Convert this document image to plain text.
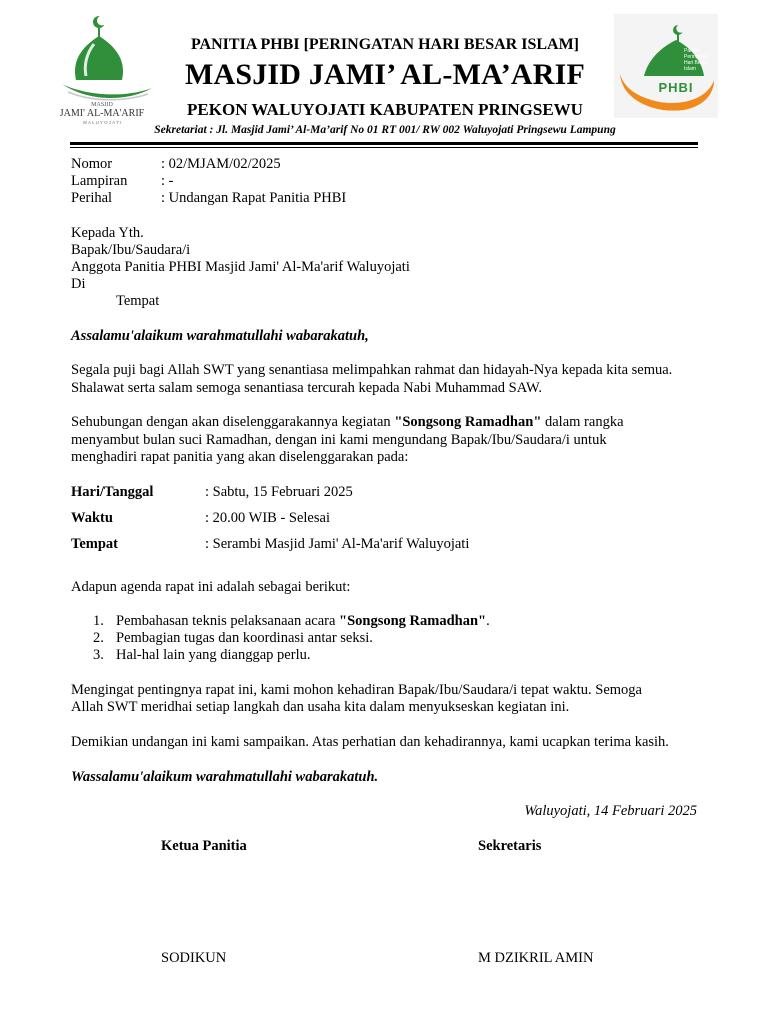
MASJID
JAMI' AL-MA'ARIF
W A L U Y O J A T I
Panitia
Peringatan
Hari Besar
Islam
PHBI
PANITIA PHBI [PERINGATAN HARI BESAR ISLAM]
MASJID JAMI’ AL-MA’ARIF
PEKON WALUYOJATI KABUPATEN PRINGSEWU
Sekretariat : Jl. Masjid Jami’ Al-Ma’arif No 01 RT 001/ RW 002 Waluyojati Pringsewu Lampung
Nomor	: 02/MJAM/02/2025
Lampiran : -
Perihal	: Undangan Rapat Panitia PHBI
Kepada Yth.
Bapak/Ibu/Saudara/i
Anggota Panitia PHBI Masjid Jami' Al-Ma'arif Waluyojati
Di
Tempat
Assalamu'alaikum warahmatullahi wabarakatuh,
Segala puji bagi Allah SWT yang senantiasa melimpahkan rahmat dan hidayah-Nya kepada kita semua.
Shalawat serta salam semoga senantiasa tercurah kepada Nabi Muhammad SAW.
Sehubungan dengan akan diselenggarakannya kegiatan "Songsong Ramadhan" dalam rangka
menyambut bulan suci Ramadhan, dengan ini kami mengundang Bapak/Ibu/Saudara/i untuk
menghadiri rapat panitia yang akan diselenggarakan pada:
Hari/Tanggal	: Sabtu, 15 Februari 2025
Waktu	: 20.00 WIB - Selesai
Tempat	: Serambi Masjid Jami' Al-Ma'arif Waluyojati
Adapun agenda rapat ini adalah sebagai berikut:
1. Pembahasan teknis pelaksanaan acara "Songsong Ramadhan".
2. Pembagian tugas dan koordinasi antar seksi.
3. Hal-hal lain yang dianggap perlu.
Mengingat pentingnya rapat ini, kami mohon kehadiran Bapak/Ibu/Saudara/i tepat waktu. Semoga
Allah SWT meridhai setiap langkah dan usaha kita dalam menyukseskan kegiatan ini.
Demikian undangan ini kami sampaikan. Atas perhatian dan kehadirannya, kami ucapkan terima kasih.
Wassalamu'alaikum warahmatullahi wabarakatuh.
Waluyojati, 14 Februari 2025
Ketua Panitia	Sekretaris
SODIKUN	M DZIKRIL AMIN
